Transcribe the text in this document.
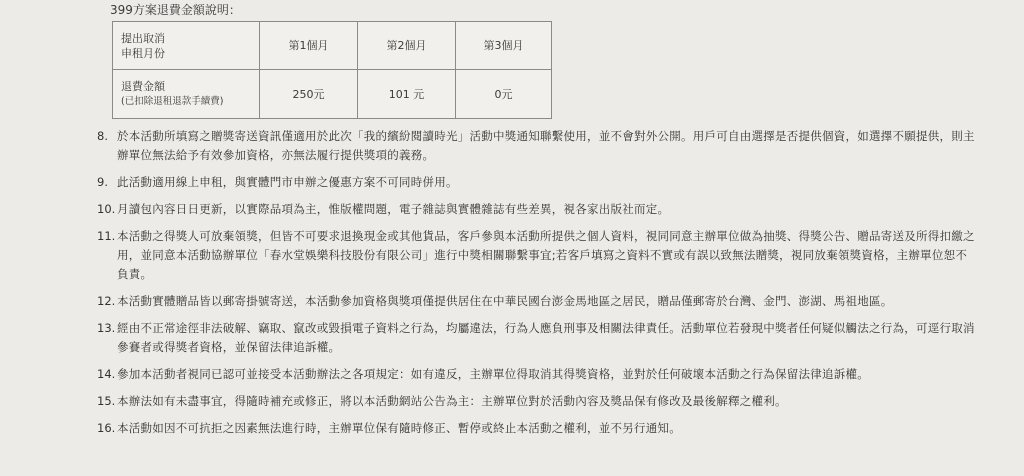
399方案退費金額說明：
提出取消
申租月份	第1個月	第2個月	第3個月

退費金額
(已扣除退租退款手續費)	250元	101 元	0元
8. 於本活動所填寫之贈獎寄送資訊僅適用於此次「我的繽紛閱讀時光」活動中獎通知聯繫使用，並不會對外公開。用戶可自由選擇是否提供個資，如選擇不願提供，則主辦單位無法給予有效參加資格，亦無法履行提供獎項的義務。
9. 此活動適用線上申租，與實體門市申辦之優惠方案不可同時併用。
10. 月讀包內容日日更新，以實際品項為主，惟版權問題，電子雜誌與實體雜誌有些差異，視各家出版社而定。
11. 本活動之得獎人可放棄領獎，但皆不可要求退換現金或其他貨品，客戶參與本活動所提供之個人資料，視同同意主辦單位做為抽獎、得獎公告、贈品寄送及所得扣繳之用，並同意本活動協辦單位「春水堂娛樂科技股份有限公司」進行中獎相關聯繫事宜;若客戶填寫之資料不實或有誤以致無法贈獎，視同放棄領獎資格，主辦單位恕不負責。
12. 本活動實體贈品皆以郵寄掛號寄送，本活動參加資格與獎項僅提供居住在中華民國台澎金馬地區之居民，贈品僅郵寄於台灣、金門、澎湖、馬祖地區。
13. 經由不正常途徑非法破解、竊取、竄改或毀損電子資料之行為，均屬違法，行為人應負刑事及相關法律責任。活動單位若發現中獎者任何疑似觸法之行為，可逕行取消參賽者或得獎者資格，並保留法律追訴權。
14. 參加本活動者視同已認可並接受本活動辦法之各項規定：如有違反，主辦單位得取消其得獎資格，並對於任何破壞本活動之行為保留法律追訴權。
15. 本辦法如有未盡事宜，得隨時補充或修正，將以本活動網站公告為主：主辦單位對於活動內容及獎品保有修改及最後解釋之權利。
16. 本活動如因不可抗拒之因素無法進行時，主辦單位保有隨時修正、暫停或終止本活動之權利，並不另行通知。
